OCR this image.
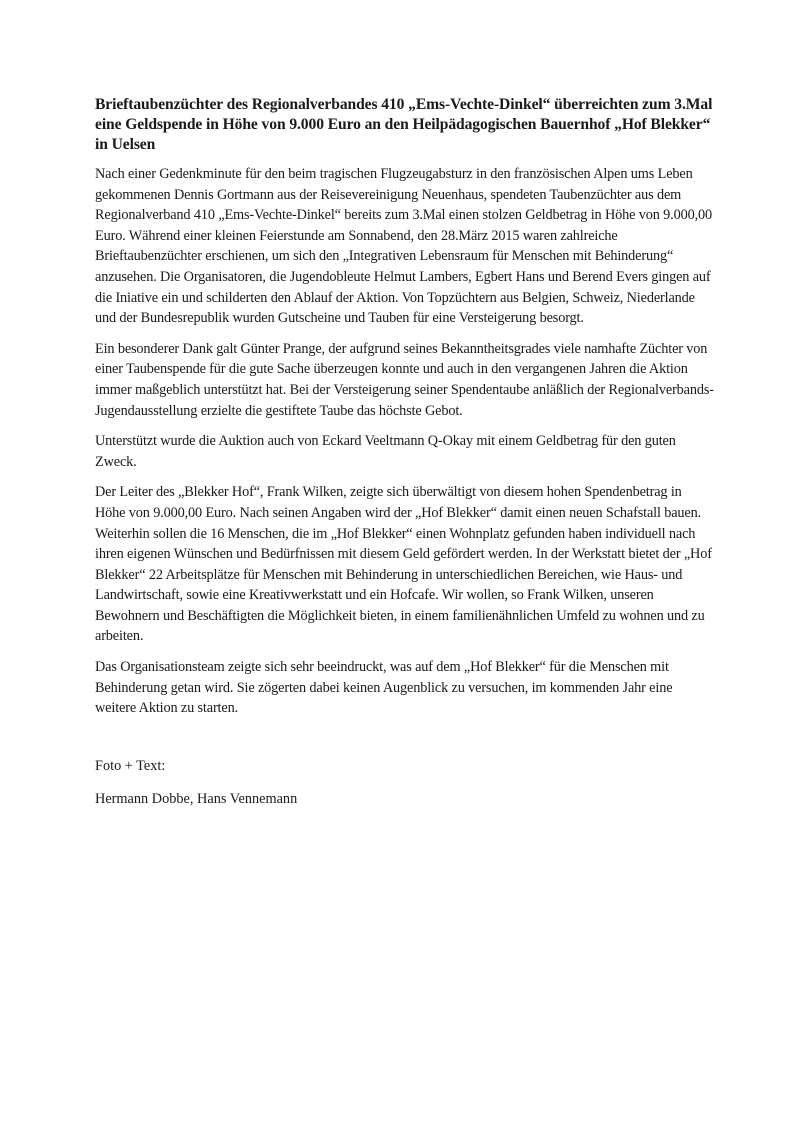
Brieftaubenzüchter des Regionalverbandes 410 „Ems-Vechte-Dinkel“ überreichten zum 3.Mal eine Geldspende in Höhe von 9.000 Euro an den Heilpädagogischen Bauernhof „Hof Blekker“ in Uelsen

Nach einer Gedenkminute für den beim tragischen Flugzeugabsturz in den französischen Alpen ums Leben gekommenen Dennis Gortmann aus der Reisevereinigung Neuenhaus, spendeten Taubenzüchter aus dem Regionalverband 410 „Ems-Vechte-Dinkel“ bereits zum 3.Mal einen stolzen Geldbetrag in Höhe von 9.000,00 Euro. Während einer kleinen Feierstunde am Sonnabend, den 28.März 2015 waren zahlreiche Brieftaubenzüchter erschienen, um sich den „Integrativen Lebensraum für Menschen mit Behinderung“ anzusehen. Die Organisatoren, die Jugendobleute Helmut Lambers, Egbert Hans und Berend Evers gingen auf die Iniative ein und schilderten den Ablauf der Aktion. Von Topzüchtern aus Belgien, Schweiz, Niederlande und der Bundesrepublik wurden Gutscheine und Tauben für eine Versteigerung besorgt.

Ein besonderer Dank galt Günter Prange, der aufgrund seines Bekanntheitsgrades viele namhafte Züchter von einer Taubenspende für die gute Sache überzeugen konnte und auch in den vergangenen Jahren die Aktion immer maßgeblich unterstützt hat. Bei der Versteigerung seiner Spendentaube anläßlich der Regionalverbands-Jugendausstellung erzielte die gestiftete Taube das höchste Gebot.

Unterstützt wurde die Auktion auch von Eckard Veeltmann Q-Okay mit einem Geldbetrag für den guten Zweck.

Der Leiter des „Blekker Hof“, Frank Wilken, zeigte sich überwältigt von diesem hohen Spendenbetrag in Höhe von 9.000,00 Euro. Nach seinen Angaben wird der „Hof Blekker“ damit einen neuen Schafstall bauen. Weiterhin sollen die 16 Menschen, die im „Hof Blekker“ einen Wohnplatz gefunden haben individuell nach ihren eigenen Wünschen und Bedürfnissen mit diesem Geld gefördert werden. In der Werkstatt bietet der „Hof Blekker“ 22 Arbeitsplätze für Menschen mit Behinderung in unterschiedlichen Bereichen, wie Haus- und Landwirtschaft, sowie eine Kreativwerkstatt und ein Hofcafe. Wir wollen, so Frank Wilken, unseren Bewohnern und Beschäftigten die Möglichkeit bieten, in einem familienähnlichen Umfeld zu wohnen und zu arbeiten.

Das Organisationsteam zeigte sich sehr beeindruckt, was auf dem „Hof Blekker“ für die Menschen mit Behinderung getan wird. Sie zögerten dabei keinen Augenblick zu versuchen, im kommenden Jahr eine weitere Aktion zu starten.

Foto + Text:

Hermann Dobbe, Hans Vennemann
